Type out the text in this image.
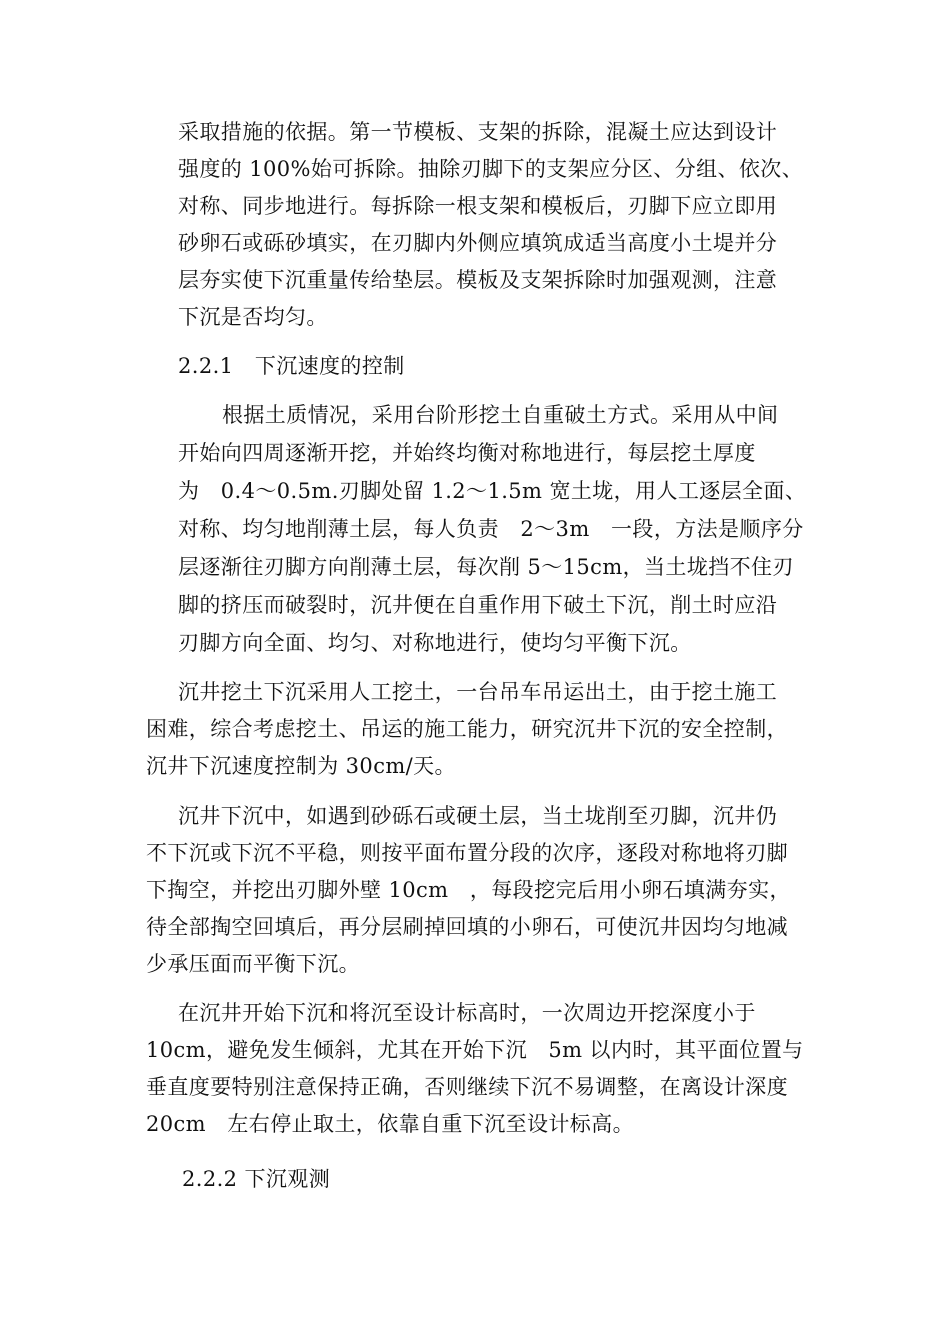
采取措施的依据。第一节模板、支架的拆除，混凝土应达到设计
强度的 100%始可拆除。抽除刃脚下的支架应分区、分组、依次、
对称、同步地进行。每拆除一根支架和模板后，刃脚下应立即用
砂卵石或砾砂填实，在刃脚内外侧应填筑成适当高度小土堤并分
层夯实使下沉重量传给垫层。模板及支架拆除时加强观测，注意
下沉是否均匀。
2.2.1　下沉速度的控制
根据土质情况，采用台阶形挖土自重破土方式。采用从中间
开始向四周逐渐开挖，并始终均衡对称地进行，每层挖土厚度
为　0.4～0.5m.刃脚处留 1.2～1.5m 宽土垅，用人工逐层全面、
对称、均匀地削薄土层，每人负责　2～3m　一段，方法是顺序分
层逐渐往刃脚方向削薄土层，每次削 5～15cm，当土垅挡不住刃
脚的挤压而破裂时，沉井便在自重作用下破土下沉，削土时应沿
刃脚方向全面、均匀、对称地进行，使均匀平衡下沉。
沉井挖土下沉采用人工挖土，一台吊车吊运出土，由于挖土施工
困难，综合考虑挖土、吊运的施工能力，研究沉井下沉的安全控制，
沉井下沉速度控制为 30cm/天。
沉井下沉中，如遇到砂砾石或硬土层，当土垅削至刃脚，沉井仍
不下沉或下沉不平稳，则按平面布置分段的次序，逐段对称地将刃脚
下掏空，并挖出刃脚外壁 10cm　，每段挖完后用小卵石填满夯实，
待全部掏空回填后，再分层刷掉回填的小卵石，可使沉井因均匀地减
少承压面而平衡下沉。
在沉井开始下沉和将沉至设计标高时，一次周边开挖深度小于
10cm，避免发生倾斜，尤其在开始下沉　5m 以内时，其平面位置与
垂直度要特别注意保持正确，否则继续下沉不易调整，在离设计深度
20cm　左右停止取土，依靠自重下沉至设计标高。
2.2.2 下沉观测
